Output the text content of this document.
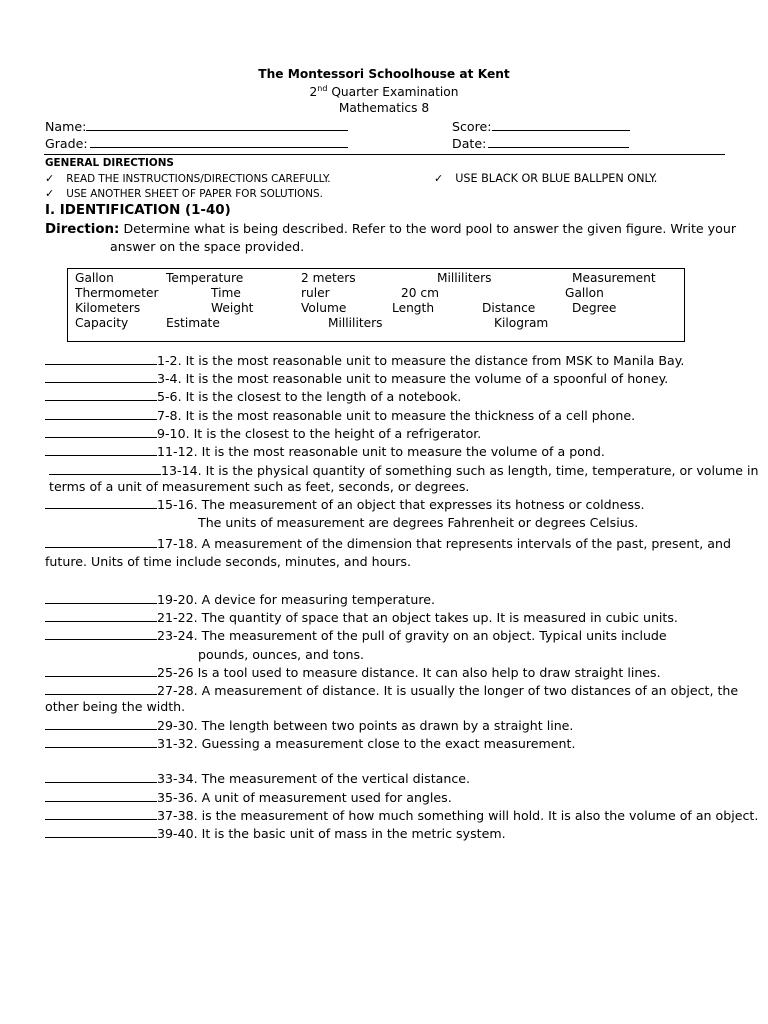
The Montessori Schoolhouse at Kent
2nd Quarter Examination
Mathematics 8
Name:
Grade:
Score:
Date:
GENERAL DIRECTIONS
✓ READ THE INSTRUCTIONS/DIRECTIONS CAREFULLY.
✓ USE ANOTHER SHEET OF PAPER FOR SOLUTIONS.
✓ USE BLACK OR BLUE BALLPEN ONLY.
I. IDENTIFICATION (1-40)
Direction: Determine what is being described. Refer to the word pool to answer the given figure. Write your
answer on the space provided.
Gallon	Temperature	2 meters	Milliliters	Measurement
Thermometer	Time	ruler	20 cm	Gallon
Kilometers	Weight	Volume	Length	Distance	Degree
Capacity	Estimate	Milliliters	Kilogram
1-2. It is the most reasonable unit to measure the distance from MSK to Manila Bay.
3-4. It is the most reasonable unit to measure the volume of a spoonful of honey.
5-6. It is the closest to the length of a notebook.
7-8. It is the most reasonable unit to measure the thickness of a cell phone.
9-10. It is the closest to the height of a refrigerator.
11-12. It is the most reasonable unit to measure the volume of a pond.
13-14. It is the physical quantity of something such as length, time, temperature, or volume in
terms of a unit of measurement such as feet, seconds, or degrees.
15-16. The measurement of an object that expresses its hotness or coldness.
The units of measurement are degrees Fahrenheit or degrees Celsius.
17-18. A measurement of the dimension that represents intervals of the past, present, and
future. Units of time include seconds, minutes, and hours.
19-20. A device for measuring temperature.
21-22. The quantity of space that an object takes up. It is measured in cubic units.
23-24. The measurement of the pull of gravity on an object. Typical units include
pounds, ounces, and tons.
25-26 Is a tool used to measure distance. It can also help to draw straight lines.
27-28. A measurement of distance. It is usually the longer of two distances of an object, the
other being the width.
29-30. The length between two points as drawn by a straight line.
31-32. Guessing a measurement close to the exact measurement.
33-34. The measurement of the vertical distance.
35-36. A unit of measurement used for angles.
37-38. is the measurement of how much something will hold. It is also the volume of an object.
39-40. It is the basic unit of mass in the metric system.
